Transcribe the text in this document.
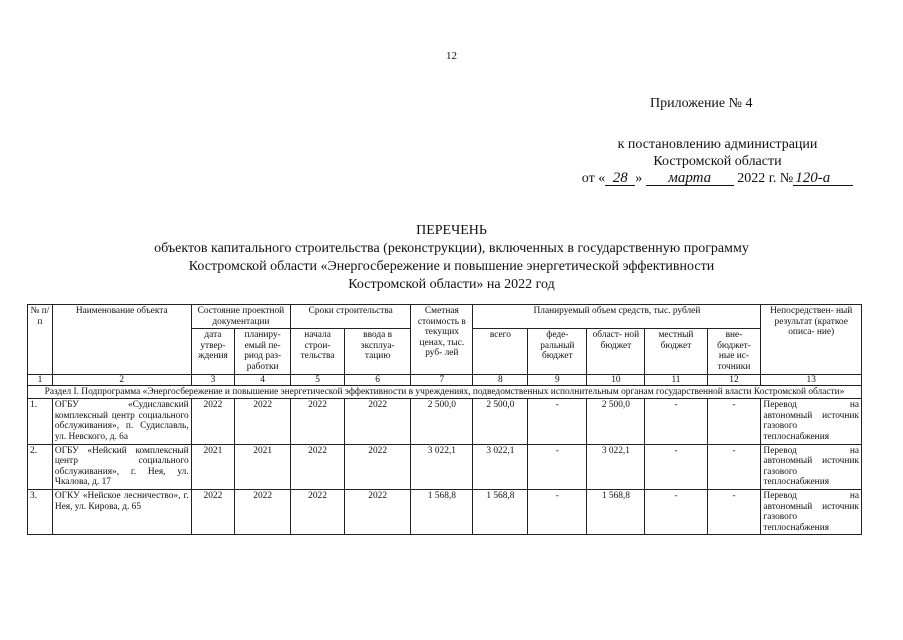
12
Приложение № 4
к постановлению администрации
Костромской области
от « 28 » марта 2022 г. № 120-а
ПЕРЕЧЕНЬ
объектов капитального строительства (реконструкции), включенных в государственную программу
Костромской области «Энергосбережение и повышение энергетической эффективности
Костромской области» на 2022 год
№ п/п	Наименование объекта	Состояние проектной документации		Сроки строительства		Сметная стоимость в текущих ценах, тыс. руб- лей	Планируемый объем средств, тыс. рублей					Непосредствен- ный результат (краткое описа- ние)
		дата утвер- ждения	планиру- емый пе- риод раз- работки	начала строи- тельства	ввода в эксплуа- тацию		всего	феде- ральный бюджет	област- ной бюджет	местный бюджет	вне- бюджет- ные ис- точники	
1	2	3	4	5	6	7	8	9	10	11	12	13
Раздел I. Подпрограмма «Энергосбережение и повышение энергетической эффективности в учреждениях, подведомственных исполнительным органам государственной власти Костромской области»												
1.	ОГБУ «Судиславский комплексный центр социального обслуживания», п. Судиславль, ул. Невского, д. 6а	2022	2022	2022	2022	2 500,0	2 500,0	-	2 500,0	-	-	Перевод на автономный источник газового теплоснабжения
2.	ОГБУ «Нейский комплексный центр социального обслуживания», г. Нея, ул. Чкалова, д. 17	2021	2021	2022	2022	3 022,1	3 022,1	-	3 022,1	-	-	Перевод на автономный источник газового теплоснабжения
3.	ОГКУ «Нейское лесничество», г. Нея, ул. Кирова, д. 65	2022	2022	2022	2022	1 568,8	1 568,8	-	1 568,8	-	-	Перевод на автономный источник газового теплоснабжения
